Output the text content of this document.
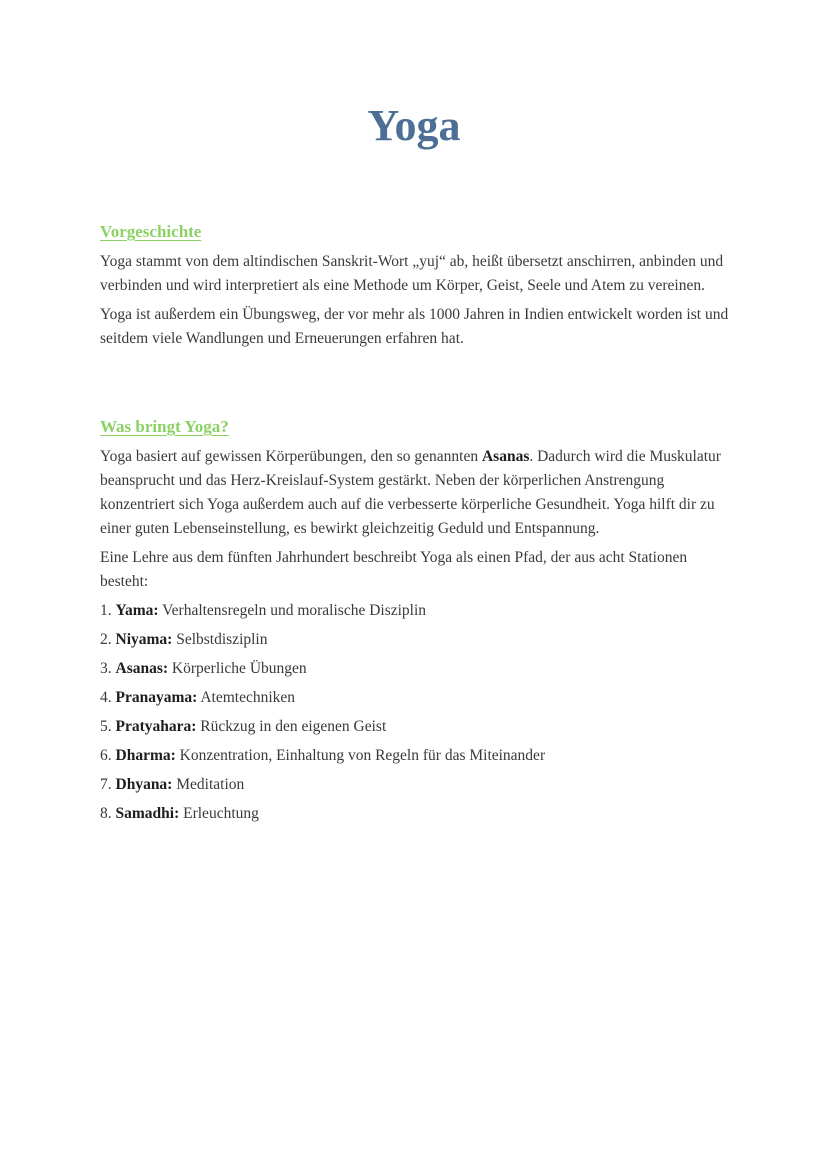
Yoga
Vorgeschichte

Yoga stammt von dem altindischen Sanskrit-Wort „yuj“ ab, heißt übersetzt anschirren, anbinden und verbinden und wird interpretiert als eine Methode um Körper, Geist, Seele und Atem zu vereinen.

Yoga ist außerdem ein Übungsweg, der vor mehr als 1000 Jahren in Indien entwickelt worden ist und seitdem viele Wandlungen und Erneuerungen erfahren hat.

Was bringt Yoga?

Yoga basiert auf gewissen Körperübungen, den so genannten Asanas. Dadurch wird die Muskulatur beansprucht und das Herz-Kreislauf-System gestärkt. Neben der körperlichen Anstrengung konzentriert sich Yoga außerdem auch auf die verbesserte körperliche Gesundheit. Yoga hilft dir zu einer guten Lebenseinstellung, es bewirkt gleichzeitig Geduld und Entspannung.

Eine Lehre aus dem fünften Jahrhundert beschreibt Yoga als einen Pfad, der aus acht Stationen besteht:

1. Yama: Verhaltensregeln und moralische Disziplin
2. Niyama: Selbstdisziplin
3. Asanas: Körperliche Übungen
4. Pranayama: Atemtechniken
5. Pratyahara: Rückzug in den eigenen Geist
6. Dharma: Konzentration, Einhaltung von Regeln für das Miteinander
7. Dhyana: Meditation
8. Samadhi: Erleuchtung
